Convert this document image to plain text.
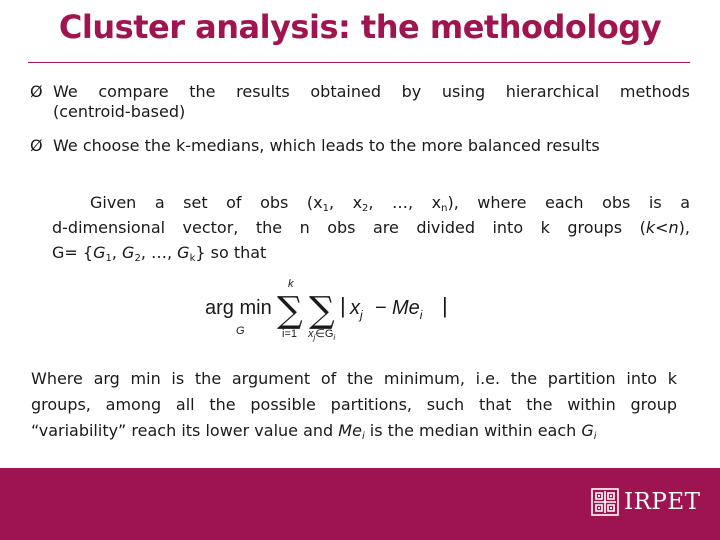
Cluster analysis: the methodology
Ø We compare the results obtained by using hierarchical methods
(centroid-based)
Ø We choose the k-medians, which leads to the more balanced results
Given a set of obs ($x_1$, $x_2$, …, $x_n$), where each obs is a
d-dimensional vector, the n obs are divided into k groups (k<n),
$G= \{G_1$, $G_2$, …, $G_k$} so that
arg min
G
k
∑
i=1
∑
$x_j\in G_i$
| $x_j - Me_i$ |
Where arg min is the argument of the minimum, i.e. the partition into k
groups, among all the possible partitions, such that the within group
“variability” reach its lower value and $Me_i$ is the median within each $G_i$
IRPET
